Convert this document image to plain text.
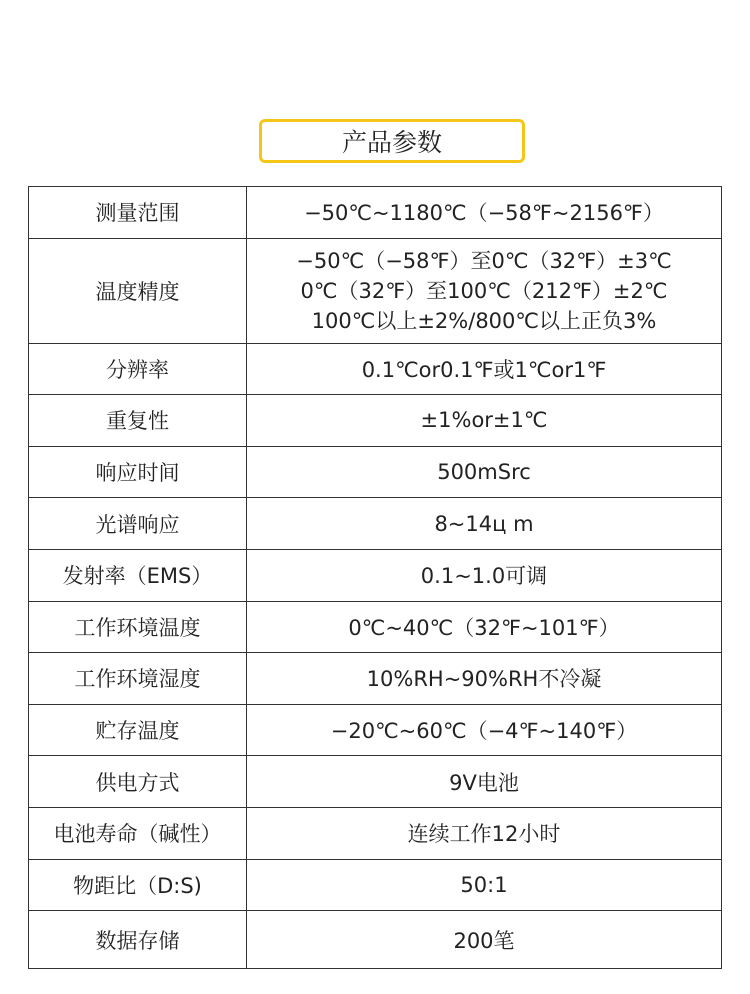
产品参数
测量范围	−50℃~1180℃（−58℉~2156℉）
温度精度	−50℃（−58℉）至0℃（32℉）±3℃
0℃（32℉）至100℃（212℉）±2℃
100℃以上±2%/800℃以上正负3%

分辨率	0.1℃or0.1℉或1℃or1℉
重复性	±1%or±1℃
响应时间	500mSrc
光谱响应	8~14ц m
发射率（EMS）	0.1~1.0可调
工作环境温度	0℃~40℃（32℉~101℉）
工作环境湿度	10%RH~90%RH不冷凝
贮存温度	−20℃~60℃（−4℉~140℉）
供电方式	9V电池
电池寿命（碱性）	连续工作12小时
物距比（D:S)	50:1
数据存储	200笔
